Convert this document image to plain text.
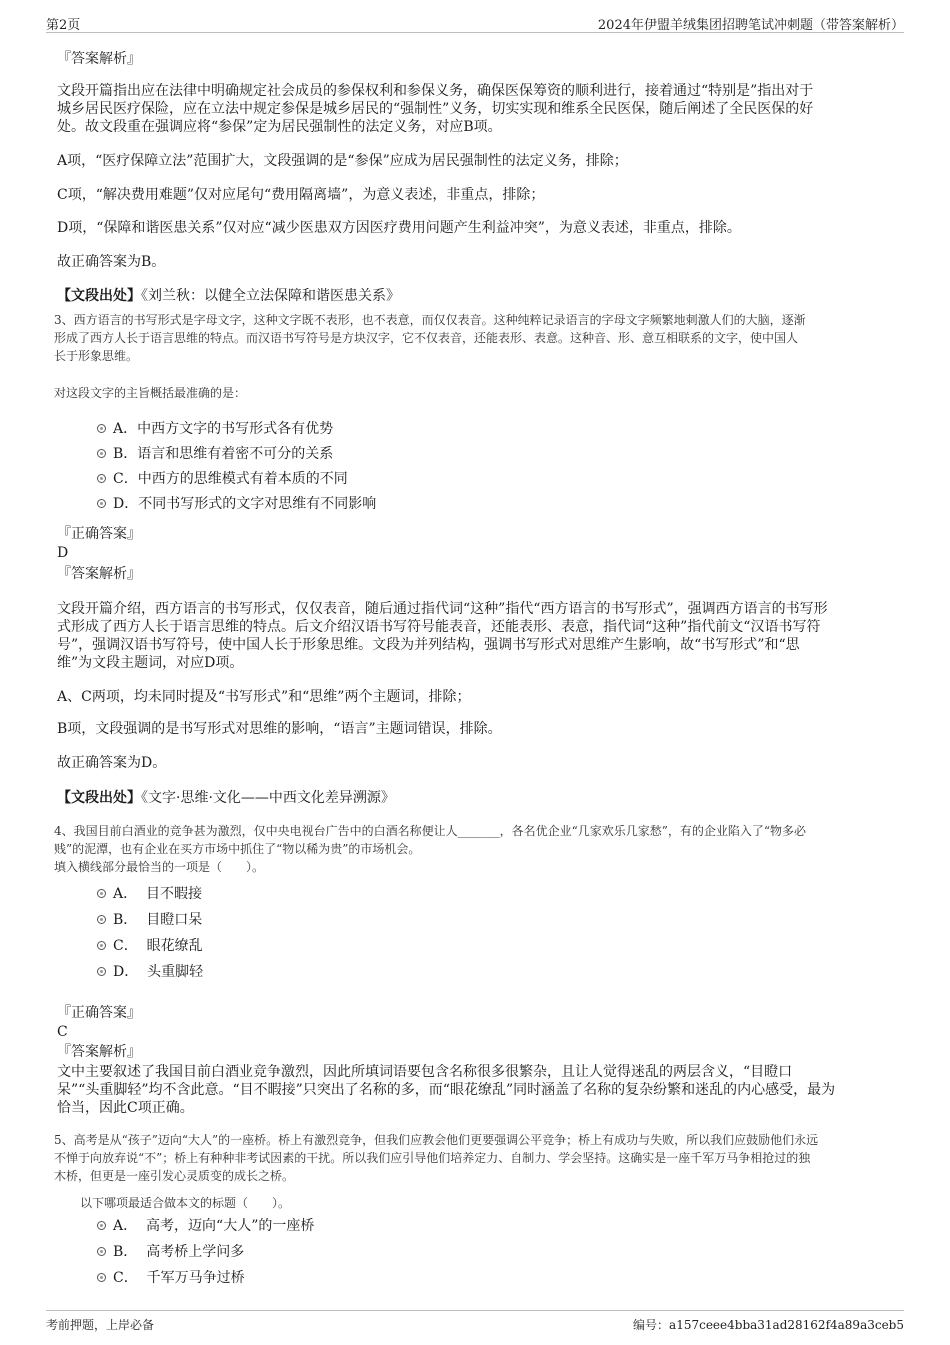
第2页	2024年伊盟羊绒集团招聘笔试冲刺题（带答案解析）
『答案解析』
文段开篇指出应在法律中明确规定社会成员的参保权利和参保义务，确保医保筹资的顺利进行，接着通过“特别是”指出对于
城乡居民医疗保险，应在立法中规定参保是城乡居民的“强制性”义务，切实实现和维系全民医保，随后阐述了全民医保的好
处。故文段重在强调应将“参保”定为居民强制性的法定义务，对应B项。
A项，“医疗保障立法”范围扩大，文段强调的是“参保”应成为居民强制性的法定义务，排除；
C项，“解决费用难题”仅对应尾句“费用隔离墙”，为意义表述，非重点，排除；
D项，“保障和谐医患关系”仅对应“减少医患双方因医疗费用问题产生利益冲突”，为意义表述，非重点，排除。
故正确答案为B。
【文段出处】《刘兰秋：以健全立法保障和谐医患关系》
3、西方语言的书写形式是字母文字，这种文字既不表形，也不表意，而仅仅表音。这种纯粹记录语言的字母文字频繁地刺激人们的大脑，逐渐
形成了西方人长于语言思维的特点。而汉语书写符号是方块汉字，它不仅表音，还能表形、表意。这种音、形、意互相联系的文字，使中国人
长于形象思维。
对这段文字的主旨概括最准确的是：
A．中西方文字的书写形式各有优势
B．语言和思维有着密不可分的关系
C．中西方的思维模式有着本质的不同
D．不同书写形式的文字对思维有不同影响
『正确答案』
D
『答案解析』
文段开篇介绍，西方语言的书写形式，仅仅表音，随后通过指代词“这种”指代“西方语言的书写形式”，强调西方语言的书写形
式形成了西方人长于语言思维的特点。后文介绍汉语书写符号能表音，还能表形、表意，指代词“这种”指代前文“汉语书写符
号”，强调汉语书写符号，使中国人长于形象思维。文段为并列结构，强调书写形式对思维产生影响，故“书写形式”和“思
维”为文段主题词，对应D项。
A、C两项，均未同时提及“书写形式”和“思维”两个主题词，排除；
B项，文段强调的是书写形式对思维的影响，“语言”主题词错误，排除。
故正确答案为D。
【文段出处】《文字·思维·文化——中西文化差异溯源》
4、我国目前白酒业的竞争甚为激烈，仅中央电视台广告中的白酒名称便让人_______，各名优企业“几家欢乐几家愁”，有的企业陷入了“物多必
贱”的泥潭，也有企业在买方市场中抓住了“物以稀为贵”的市场机会。
填入横线部分最恰当的一项是（　　）。
A． 目不暇接
B． 目瞪口呆
C． 眼花缭乱
D． 头重脚轻
『正确答案』
C
『答案解析』
文中主要叙述了我国目前白酒业竞争激烈，因此所填词语要包含名称很多很繁杂，且让人觉得迷乱的两层含义，“目瞪口
呆”“头重脚轻”均不含此意。“目不暇接”只突出了名称的多，而“眼花缭乱”同时涵盖了名称的复杂纷繁和迷乱的内心感受，最为
恰当，因此C项正确。
5、高考是从“孩子”迈向“大人”的一座桥。桥上有激烈竞争，但我们应教会他们更要强调公平竞争；桥上有成功与失败，所以我们应鼓励他们永远
不惮于向放弃说“不”；桥上有种种非考试因素的干扰。所以我们应引导他们培养定力、自制力、学会坚持。这确实是一座千军万马争相抢过的独
木桥，但更是一座引发心灵质变的成长之桥。
以下哪项最适合做本文的标题（　　）。
A． 高考，迈向“大人”的一座桥
B． 高考桥上学问多
C． 千军万马争过桥
考前押题，上岸必备	编号：a157ceee4bba31ad28162f4a89a3ceb5
